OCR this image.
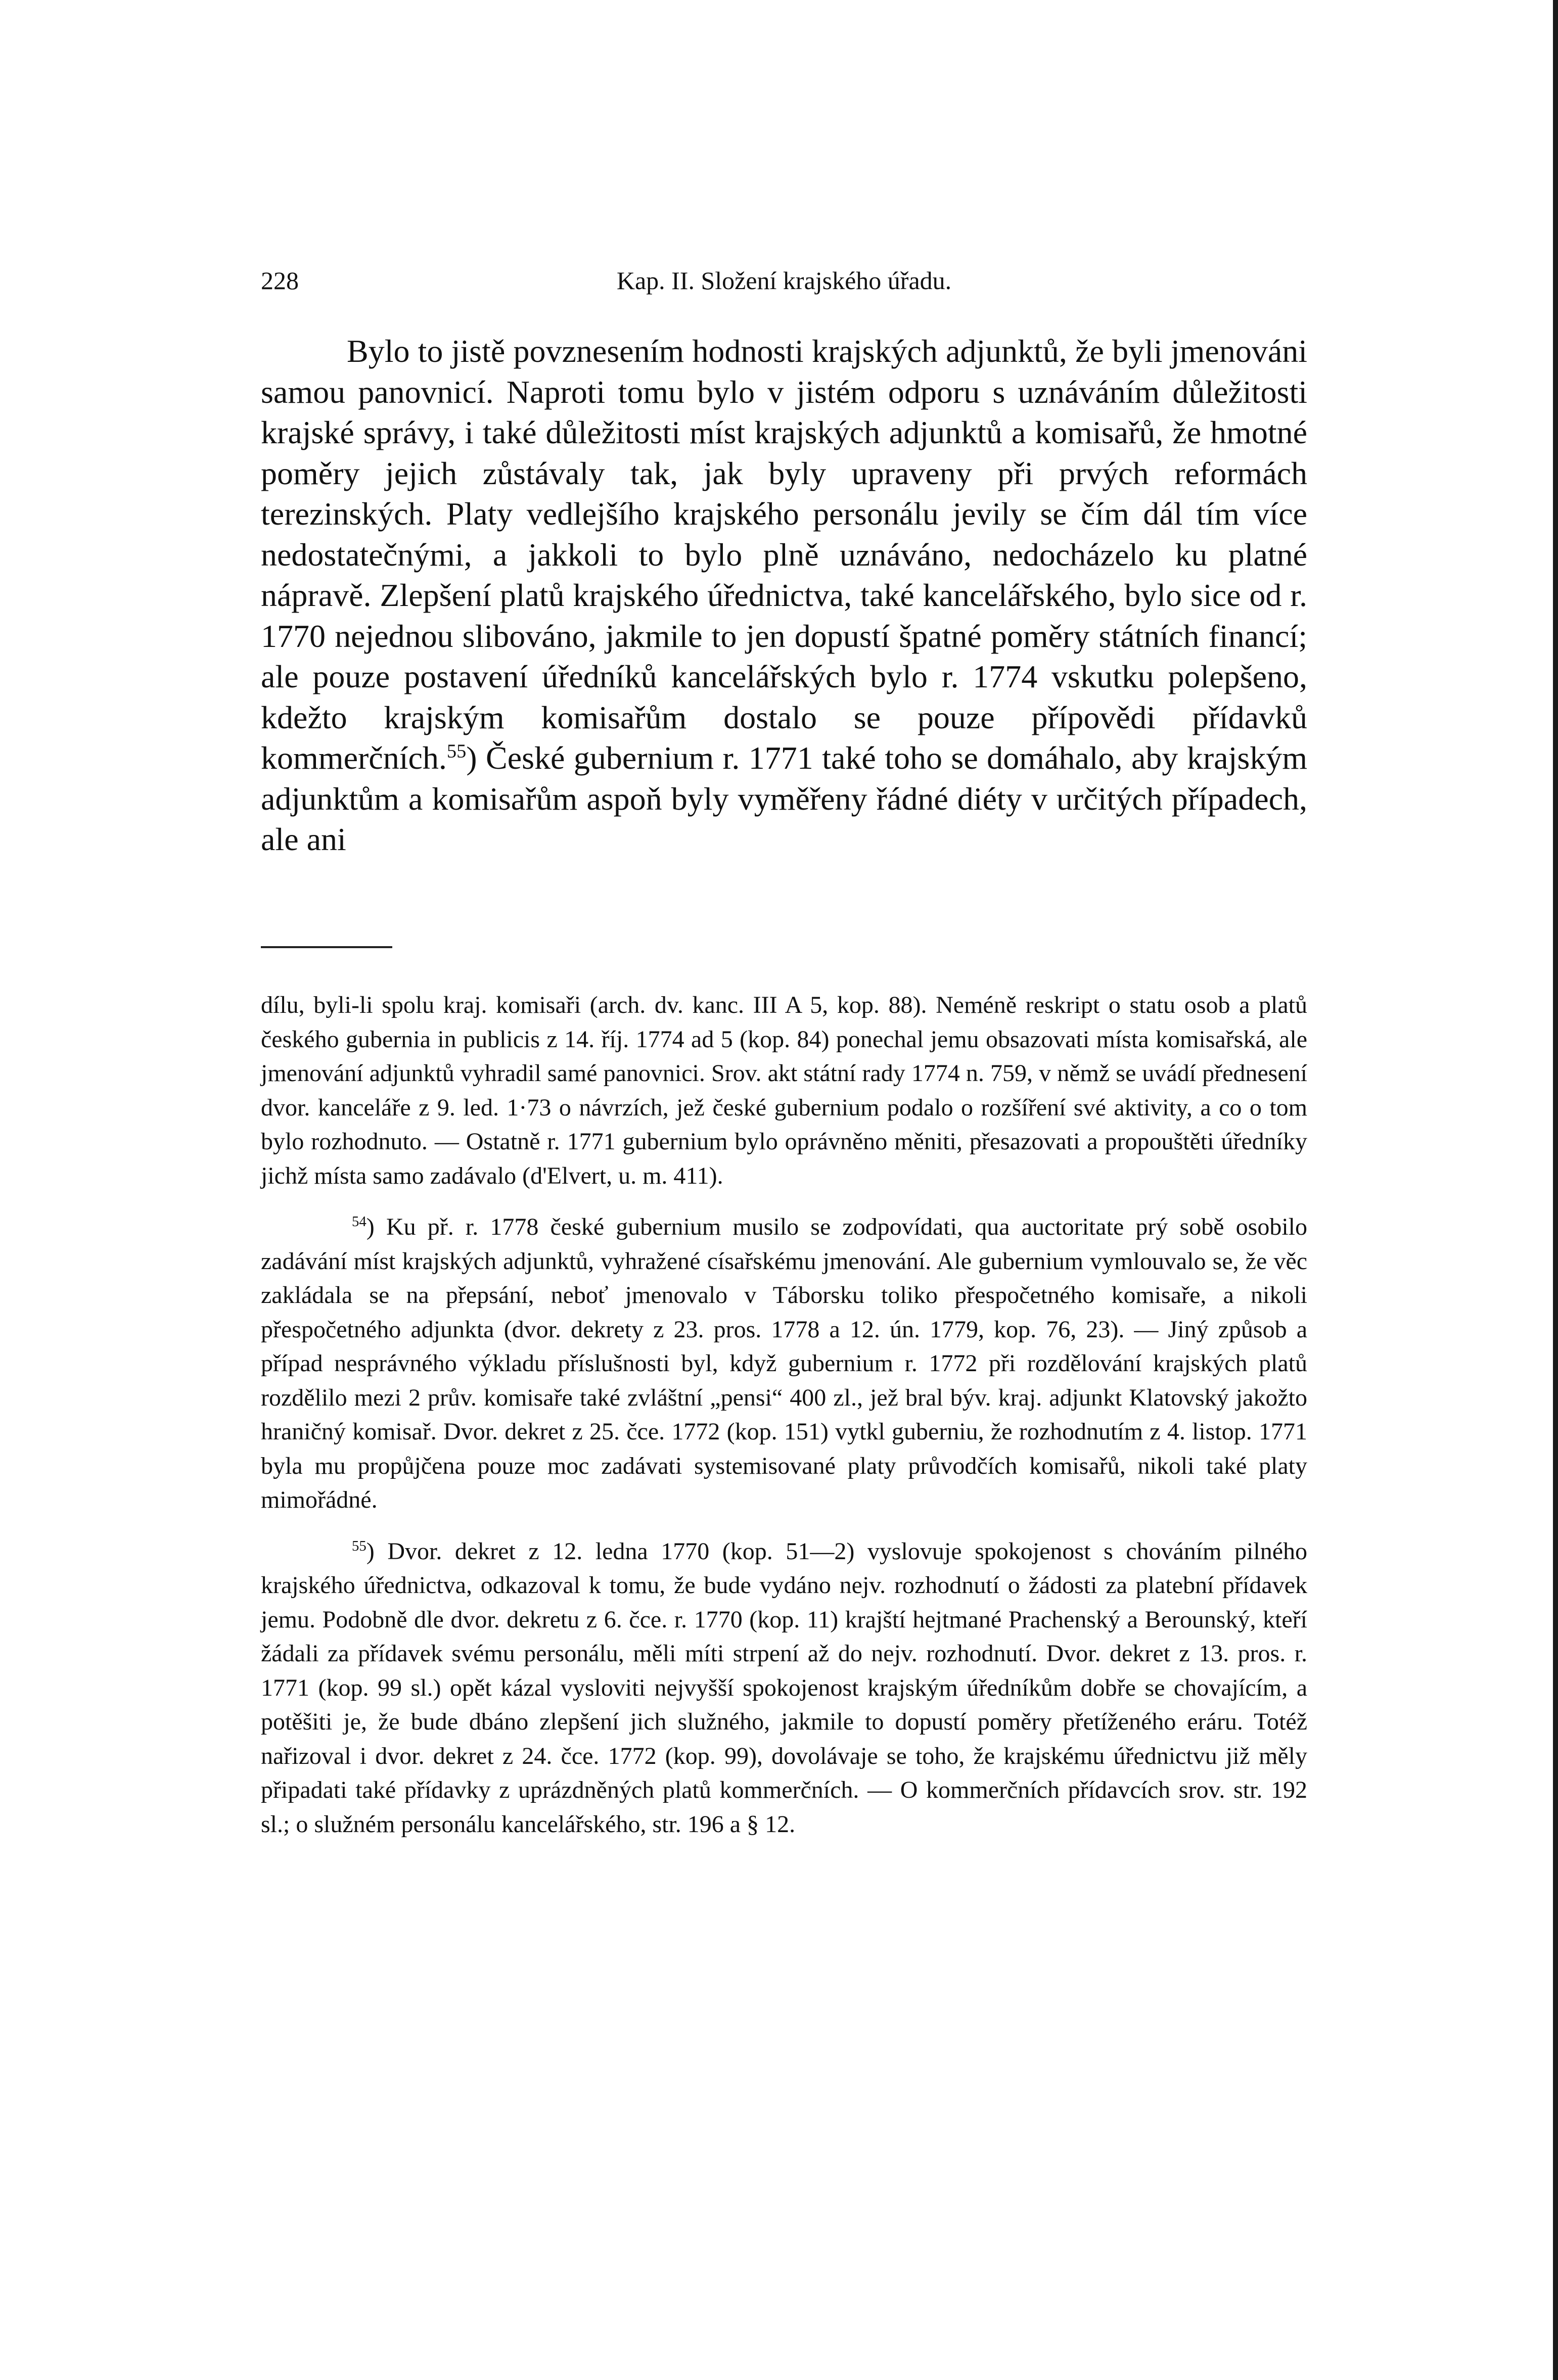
228	Kap. II. Složení krajského úřadu.

Bylo to jistě povznesením hodnosti krajských adjunktů, že byli jmenováni samou panovnicí. Naproti tomu bylo v jistém odporu s uznáváním důležitosti krajské správy, i také důležitosti míst krajských adjunktů a komisařů, že hmotné poměry jejich zůstávaly tak, jak byly upraveny při prvých reformách terezinských. Platy vedlejšího krajského personálu jevily se čím dál tím více nedostatečnými, a jakkoli to bylo plně uznáváno, nedocházelo ku platné nápravě. Zlepšení platů krajského úřednictva, také kancelářského, bylo sice od r. 1770 nejednou slibováno, jakmile to jen dopustí špatné poměry státních financí; ale pouze postavení úředníků kancelářských bylo r. 1774 vskutku polepšeno, kdežto krajským komisařům dostalo se pouze přípovědi přídavků kommerčních.$^{55}$) České gubernium r. 1771 také toho se domáhalo, aby krajským adjunktům a komisařům aspoň byly vyměřeny řádné diéty v určitých případech, ale ani

dílu, byli-li spolu kraj. komisaři (arch. dv. kanc. III A 5, kop. 88). Neméně reskript o statu osob a platů českého gubernia in publicis z 14. říj. 1774 ad 5 (kop. 84) ponechal jemu obsazovati místa komisařská, ale jmenování adjunktů vyhradil samé panovnici. Srov. akt státní rady 1774 n. 759, v němž se uvádí přednesení dvor. kanceláře z 9. led. 1·73 o návrzích, jež české gubernium podalo o rozšíření své aktivity, a co o tom bylo rozhodnuto. — Ostatně r. 1771 gubernium bylo oprávněno měniti, přesazovati a propouštěti úředníky jichž místa samo zadávalo (d'Elvert, u. m. 411).

$^{54}$) Ku př. r. 1778 české gubernium musilo se zodpovídati, qua auctoritate prý sobě osobilo zadávání míst krajských adjunktů, vyhražené císařskému jmenování. Ale gubernium vymlouvalo se, že věc zakládala se na přepsání, neboť jmenovalo v Táborsku toliko přespočetného komisaře, a nikoli přespočetného adjunkta (dvor. dekrety z 23. pros. 1778 a 12. ún. 1779, kop. 76, 23). — Jiný způsob a případ nesprávného výkladu příslušnosti byl, když gubernium r. 1772 při rozdělování krajských platů rozdělilo mezi 2 prův. komisaře také zvláštní „pensi“ 400 zl., jež bral býv. kraj. adjunkt Klatovský jakožto hraničný komisař. Dvor. dekret z 25. čce. 1772 (kop. 151) vytkl guberniu, že rozhodnutím z 4. listop. 1771 byla mu propůjčena pouze moc zadávati systemisované platy průvodčích komisařů, nikoli také platy mimořádné.

$^{55}$) Dvor. dekret z 12. ledna 1770 (kop. 51—2) vyslovuje spokojenost s chováním pilného krajského úřednictva, odkazoval k tomu, že bude vydáno nejv. rozhodnutí o žádosti za platební přídavek jemu. Podobně dle dvor. dekretu z 6. čce. r. 1770 (kop. 11) krajští hejtmané Prachenský a Berounský, kteří žádali za přídavek svému personálu, měli míti strpení až do nejv. rozhodnutí. Dvor. dekret z 13. pros. r. 1771 (kop. 99 sl.) opět kázal vysloviti nejvyšší spokojenost krajským úředníkům dobře se chovajícím, a potěšiti je, že bude dbáno zlepšení jich služného, jakmile to dopustí poměry přetíženého eráru. Totéž nařizoval i dvor. dekret z 24. čce. 1772 (kop. 99), dovolávaje se toho, že krajskému úřednictvu již měly připadati také přídavky z uprázdněných platů kommerčních. — O kommerčních přídavcích srov. str. 192 sl.; o služném personálu kancelářského, str. 196 a § 12.
